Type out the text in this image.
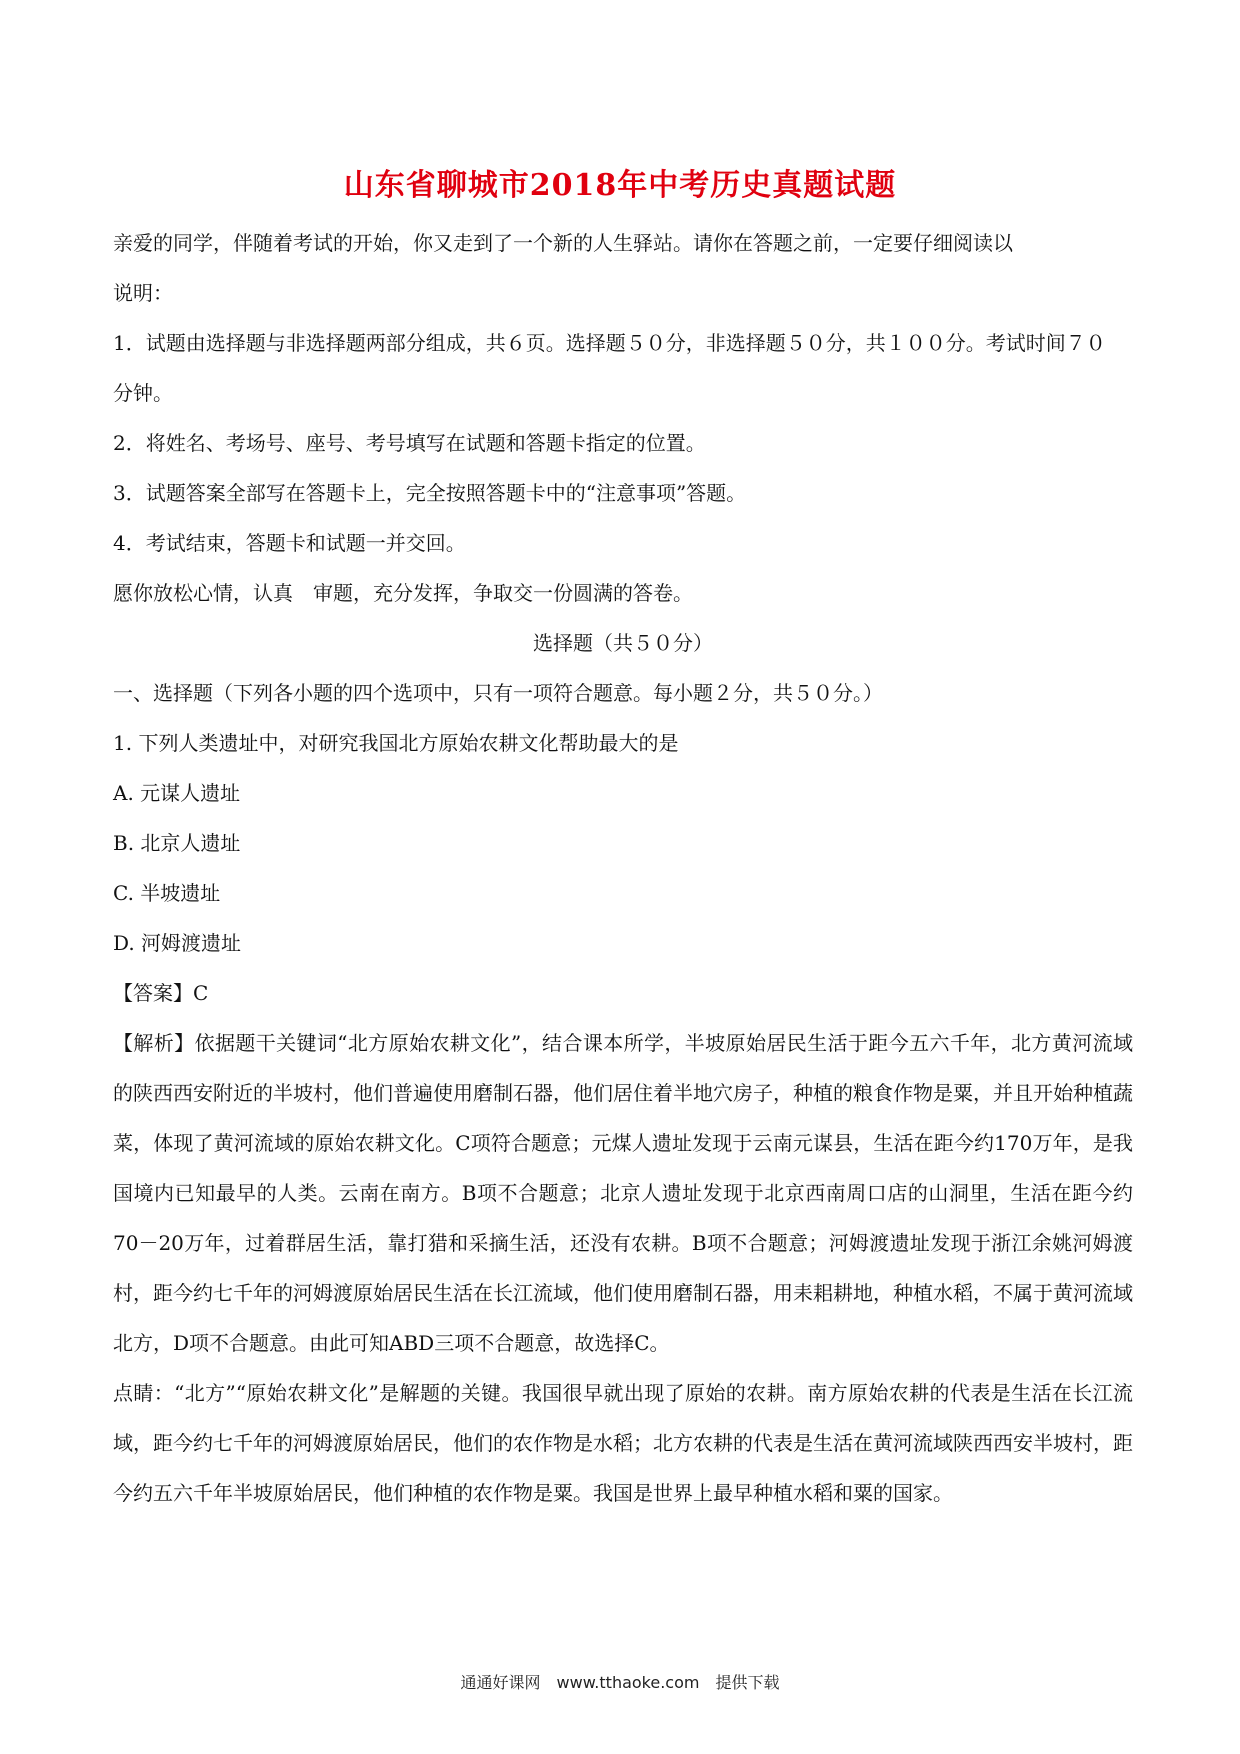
山东省聊城市2018年中考历史真题试题
亲爱的同学，伴随着考试的开始，你又走到了一个新的人生驿站。请你在答题之前，一定要仔细阅读以
说明：
1．试题由选择题与非选择题两部分组成，共６页。选择题５０分，非选择题５０分，共１００分。考试时间７０
分钟。
2．将姓名、考场号、座号、考号填写在试题和答题卡指定的位置。
3．试题答案全部写在答题卡上，完全按照答题卡中的“注意事项”答题。
4．考试结束，答题卡和试题一并交回。
愿你放松心情，认真　审题，充分发挥，争取交一份圆满的答卷。
选择题（共５０分）
一、选择题（下列各小题的四个选项中，只有一项符合题意。每小题２分，共５０分。）
1. 下列人类遗址中，对研究我国北方原始农耕文化帮助最大的是
A. 元谋人遗址
B. 北京人遗址
C. 半坡遗址
D. 河姆渡遗址
【答案】C
【解析】依据题干关键词“北方原始农耕文化”，结合课本所学，半坡原始居民生活于距今五六千年，北方黄河流域的陕西西安附近的半坡村，他们普遍使用磨制石器，他们居住着半地穴房子，种植的粮食作物是粟，并且开始种植蔬菜，体现了黄河流域的原始农耕文化。C项符合题意；元煤人遗址发现于云南元谋县，生活在距今约170万年，是我国境内已知最早的人类。云南在南方。B项不合题意；北京人遗址发现于北京西南周口店的山洞里，生活在距今约70－20万年，过着群居生活，靠打猎和采摘生活，还没有农耕。B项不合题意；河姆渡遗址发现于浙江余姚河姆渡村，距今约七千年的河姆渡原始居民生活在长江流域，他们使用磨制石器，用耒耜耕地，种植水稻，不属于黄河流域北方，D项不合题意。由此可知ABD三项不合题意，故选择C。
点睛：“北方”“原始农耕文化”是解题的关键。我国很早就出现了原始的农耕。南方原始农耕的代表是生活在长江流域，距今约七千年的河姆渡原始居民，他们的农作物是水稻；北方农耕的代表是生活在黄河流域陕西西安半坡村，距今约五六千年半坡原始居民，他们种植的农作物是粟。我国是世界上最早种植水稻和粟的国家。
通通好课网　www.tthaoke.com　提供下载
